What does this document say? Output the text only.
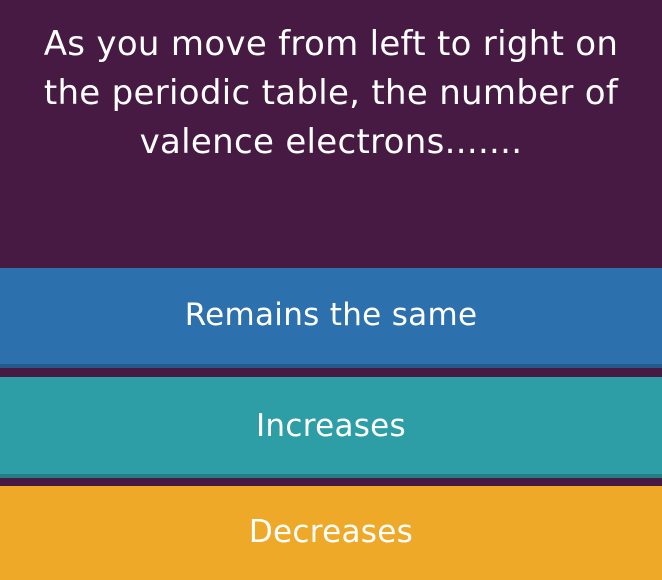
As you move from left to right on the periodic table, the number of valence electrons.......
Remains the same
Increases
Decreases
